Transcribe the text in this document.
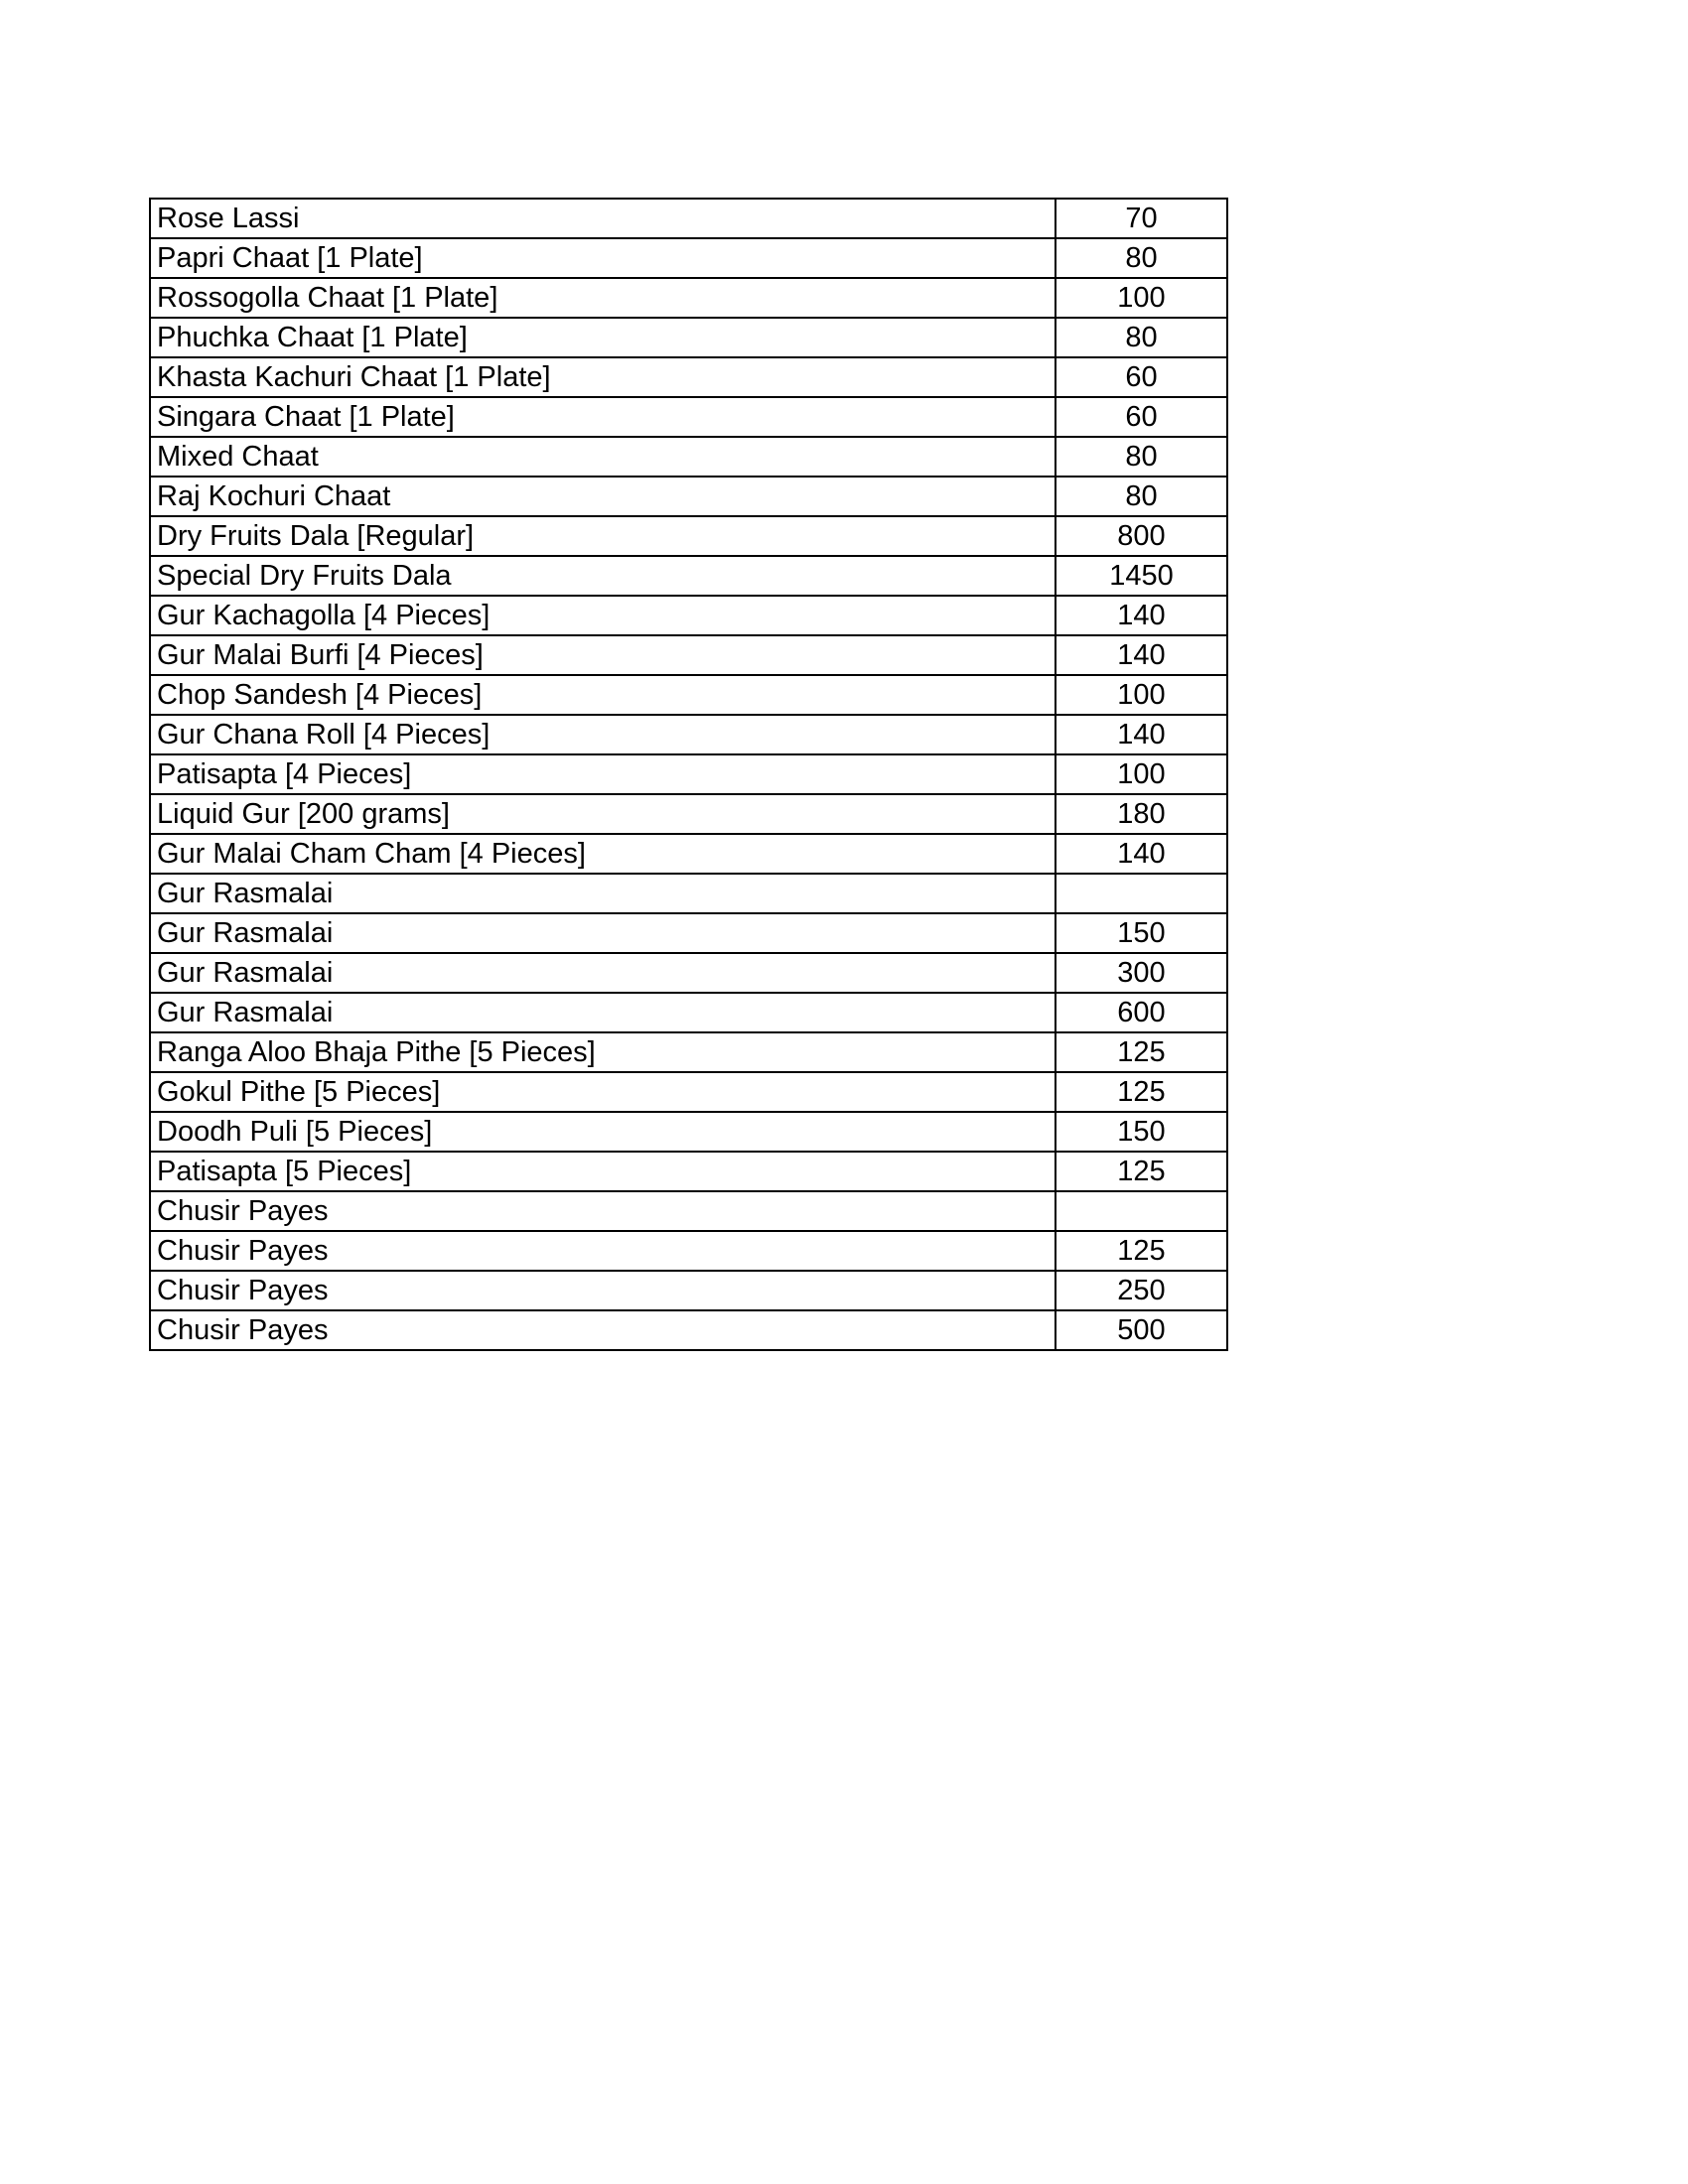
Rose Lassi	70
Papri Chaat [1 Plate]	80
Rossogolla Chaat [1 Plate]	100
Phuchka Chaat [1 Plate]	80
Khasta Kachuri Chaat [1 Plate]	60
Singara Chaat [1 Plate]	60
Mixed Chaat	80
Raj Kochuri Chaat	80
Dry Fruits Dala [Regular]	800
Special Dry Fruits Dala	1450
Gur Kachagolla [4 Pieces]	140
Gur Malai Burfi [4 Pieces]	140
Chop Sandesh [4 Pieces]	100
Gur Chana Roll [4 Pieces]	140
Patisapta [4 Pieces]	100
Liquid Gur [200 grams]	180
Gur Malai Cham Cham [4 Pieces]	140
Gur Rasmalai	
Gur Rasmalai	150
Gur Rasmalai	300
Gur Rasmalai	600
Ranga Aloo Bhaja Pithe [5 Pieces]	125
Gokul Pithe [5 Pieces]	125
Doodh Puli [5 Pieces]	150
Patisapta [5 Pieces]	125
Chusir Payes	
Chusir Payes	125
Chusir Payes	250
Chusir Payes	500
